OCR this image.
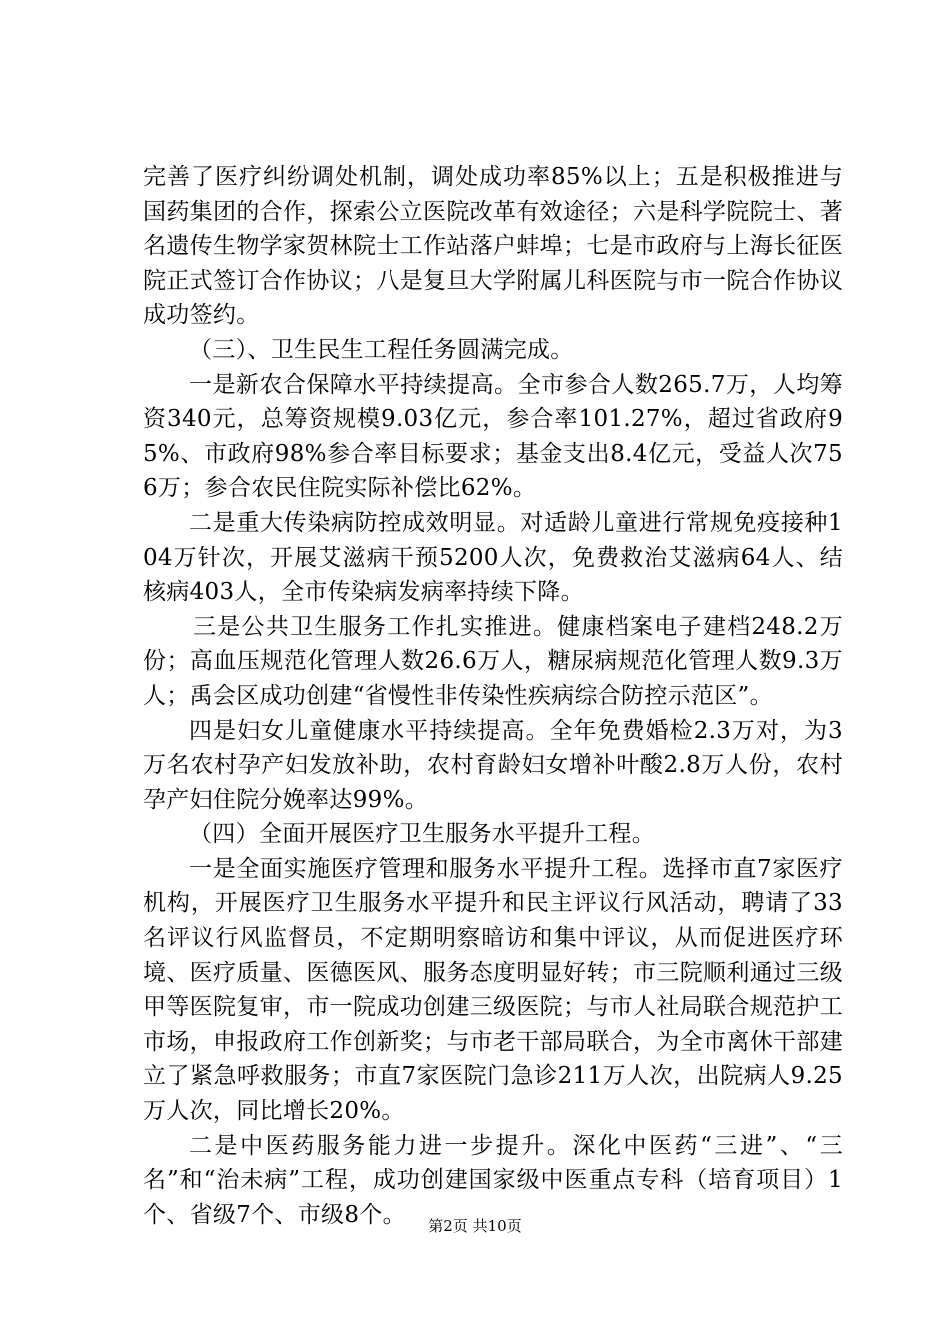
完善了医疗纠纷调处机制，调处成功率85%以上；五是积极推进与国药集团的合作，探索公立医院改革有效途径；六是科学院院士、著名遗传生物学家贺林院士工作站落户蚌埠；七是市政府与上海长征医院正式签订合作协议；八是复旦大学附属儿科医院与市一院合作协议成功签约。

（三）、卫生民生工程任务圆满完成。

一是新农合保障水平持续提高。全市参合人数265.7万，人均筹资340元，总筹资规模9.03亿元，参合率101.27%，超过省政府95%、市政府98%参合率目标要求；基金支出8.4亿元，受益人次756万；参合农民住院实际补偿比62%。

二是重大传染病防控成效明显。对适龄儿童进行常规免疫接种104万针次，开展艾滋病干预5200人次，免费救治艾滋病64人、结核病403人，全市传染病发病率持续下降。

三是公共卫生服务工作扎实推进。健康档案电子建档248.2万份；高血压规范化管理人数26.6万人，糖尿病规范化管理人数9.3万人；禹会区成功创建“省慢性非传染性疾病综合防控示范区”。

四是妇女儿童健康水平持续提高。全年免费婚检2.3万对，为3万名农村孕产妇发放补助，农村育龄妇女增补叶酸2.8万人份，农村孕产妇住院分娩率达99%。

（四）全面开展医疗卫生服务水平提升工程。

一是全面实施医疗管理和服务水平提升工程。选择市直7家医疗机构，开展医疗卫生服务水平提升和民主评议行风活动，聘请了33名评议行风监督员，不定期明察暗访和集中评议，从而促进医疗环境、医疗质量、医德医风、服务态度明显好转；市三院顺利通过三级甲等医院复审，市一院成功创建三级医院；与市人社局联合规范护工市场，申报政府工作创新奖；与市老干部局联合，为全市离休干部建立了紧急呼救服务；市直7家医院门急诊211万人次，出院病人9.25万人次，同比增长20%。

二是中医药服务能力进一步提升。深化中医药“三进”、“三名”和“治未病”工程，成功创建国家级中医重点专科（培育项目）1个、省级7个、市级8个。	第2页 共10页
